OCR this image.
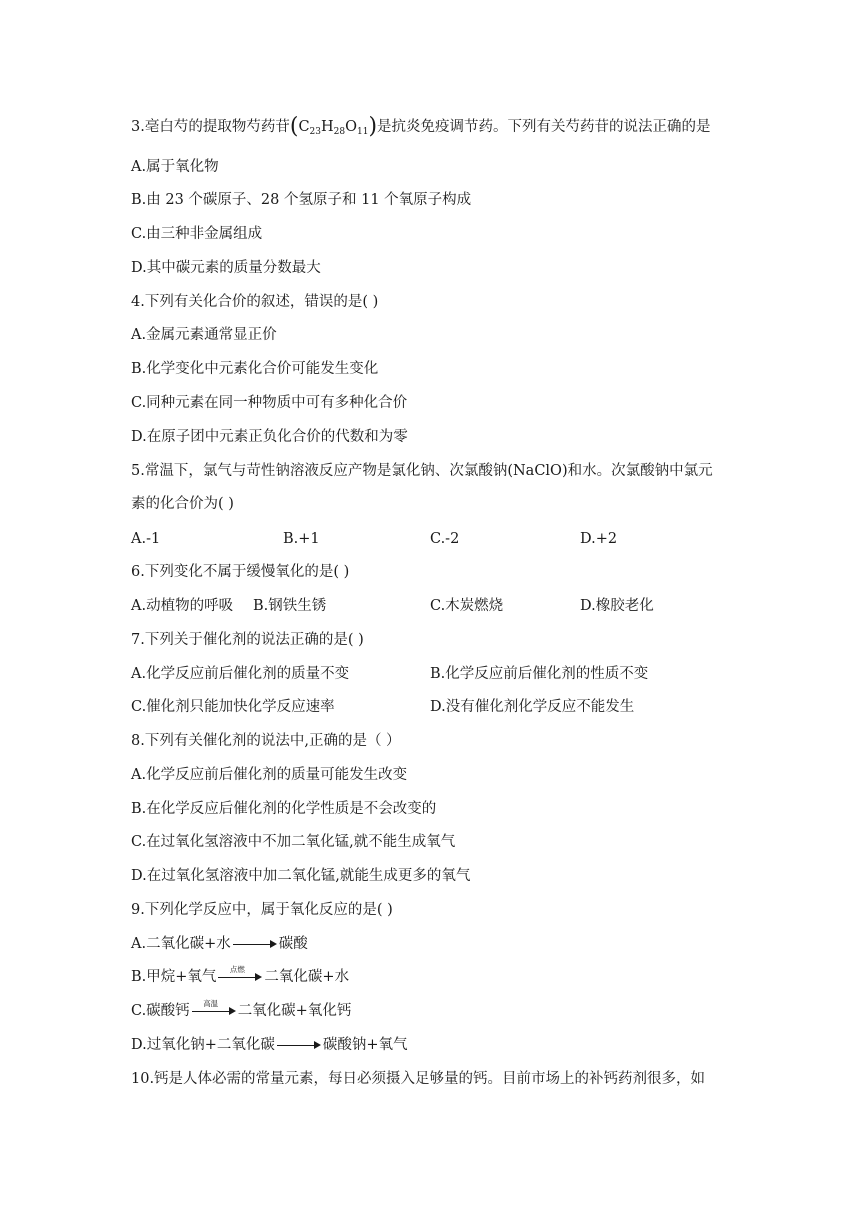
3.亳白芍的提取物芍药苷$(C_{23}H_{28}O_{11})$是抗炎免疫调节药。下列有关芍药苷的说法正确的是
A.属于氧化物
B.由 23 个碳原子、28 个氢原子和 11 个氧原子构成
C.由三种非金属组成
D.其中碳元素的质量分数最大
4.下列有关化合价的叙述，错误的是( )
A.金属元素通常显正价
B.化学变化中元素化合价可能发生变化
C.同种元素在同一种物质中可有多种化合价
D.在原子团中元素正负化合价的代数和为零
5.常温下，氯气与苛性钠溶液反应产物是氯化钠、次氯酸钠(NaClO)和水。次氯酸钠中氯元
素的化合价为( )
A.-1	B.+1	C.-2	D.+2
6.下列变化不属于缓慢氧化的是( )
A.动植物的呼吸 B.钢铁生锈	C.木炭燃烧	D.橡胶老化
7.下列关于催化剂的说法正确的是( )
A.化学反应前后催化剂的质量不变	B.化学反应前后催化剂的性质不变
C.催化剂只能加快化学反应速率	D.没有催化剂化学反应不能发生
8.下列有关催化剂的说法中,正确的是（ ）
A.化学反应前后催化剂的质量可能发生改变
B.在化学反应后催化剂的化学性质是不会改变的
C.在过氧化氢溶液中不加二氧化锰,就不能生成氧气
D.在过氧化氢溶液中加二氧化锰,就能生成更多的氧气
9.下列化学反应中，属于氧化反应的是( )
A.二氧化碳+水	碳酸
B.甲烷+氧气	点燃	二氧化碳+水
C.碳酸钙	高温	二氧化碳+氧化钙
D.过氧化钠+二氧化碳	碳酸钠+氧气
10.钙是人体必需的常量元素，每日必须摄入足够量的钙。目前市场上的补钙药剂很多，如
